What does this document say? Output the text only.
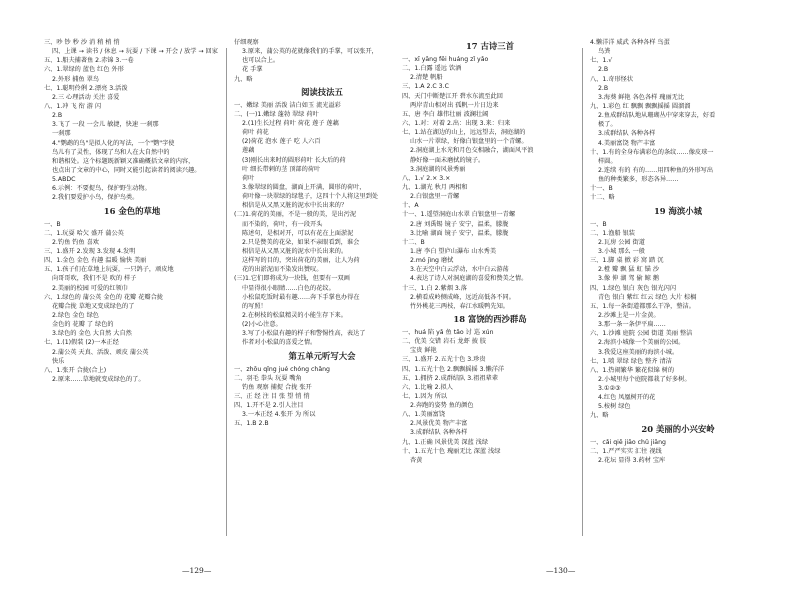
三、吵 钞 秒 沙 消 稍 梢 悄
四、上课 → 读书 / 休息 → 玩耍 / 下课 → 开会 / 放学 → 回家
五、1.船夫捕著鱼 2.赤锦 3.一卷
六、1.翠绿的 蓝色 红色 外形
2.外形 捕鱼 翠鸟
七、1.聪明伶俐 2.漂亮 3.活泼
2.三 心理活动 关注 喜爱
八、1.冲 飞 衔 游 闪
2.B
3.飞了 一段 一会儿 敏捷，快速 一刹那
一刹那
4."鹦鹉的鸟"是拟人化的写法，一个"鹦"字使
鸟儿有了灵性，体现了鸟和人在大自然中的
和谐相处。这个标题既新颖又准确概括文章的内容，
也点出了文章的中心，同时又能引起读者的阅读兴趣。
5.ABDC
6.示例：不要捉鸟，保护野生动物。
2.我们要爱护小鸟，保护鸟类。
16 金色的草地
一、B
二、1.玩耍 哈欠 盛开 蒲公英
2.钓鱼 钓鱼 喜欢
三、1.盛开 2.发现 3.发现 4.发明
四、1.金色 金色 有趣 温暖 愉快 美丽
五、1.孩子们在草地上玩耍，一只鸽子，顽皮地
向哥哥吹，我们不是 吹的 样子
2.美丽的校园 可爱的红领巾
六、1.绿色的 蒲公英 金色的 花瓣 花瓣合拢
花瓣合拢 草地又变成绿色的了
2.绿色 金色 绿色
金色的 花瓣 了 绿色的
3.绿色的 金色 大自然 大自然
七、1.(1)假装 (2)一本正经
2.蒲公英 天真、活泼、顽皮 蒲公英
快乐
八、1.张开 合拢(合上)
2.原来……草地就变成绿色的了。
仔细观察
3.原来，蒲公英的花就像我们的手掌，可以张开，
也可以合上。
花 手掌
九、略
阅读技法五
一、嫩绿 美丽 活泼 洁白如玉 流光溢彩
二、(一)1.嫩绿 蓬勃 翠绿 荷叶
2.(1)生长过程 荷叶 荷花 莲子 莲藕
荷叶 荷花
(2)荷花 泡水 莲子 吃 人六百
莲藕
(3)刚长出来时的圆形荷叶 长大后的荷
叶 细长带刺的茎 顶部的荷叶
荷叶
3.像翠绿的圆盘，湖面上开满，圆形的荷叶，
荷叶像一块翠绿的绿毯子，这四十个人将这里到处
相信是从又黑又脏的泥水中长出来的？
(二)1.荷花的美丽，不是一般的美，是出污泥
而不染的，荷叶，有一段开头
陈述句，是相对开，可以有花在上面淤泥
2.只是赞美的花朵，如果不亲眼看到，谁会
相信是从又黑又脏的泥水中长出来的。
这样写的目的，突出荷花的美丽，让人为荷
花的出淤泥而不染发出赞叹。
(三)1.它们即将成为一块钱，但要有一双画
中显得很小眼睛……白色的花纹。
小松鼠吃饭时最有趣……奔下手掌也办得在
的写照！
2.在树枝的松鼠精灵的小能生存下来。
(2)小心注意。
3.写了小松鼠有趣的样子和警惕性高，表达了
作者对小松鼠的喜爱之情。
第五单元听写大会
一、zhōu qǐng jué chóng chǎng
二、羽毛 拳头 玩耍 嘴角
钓鱼 观察 捕捉 合拢 张开
三、正 经 注 目 张 望 悄 悄
四、1.开不是 2.引人注目
3.一本正经 4.张开 为 所以
五、1.B 2.B
—129—
17 古诗三首
一、xī yāng fēi huáng zǐ yǎo
二、1.白露 遥远 饮酒
2.清楚 帆船
三、1.A 2.C 3.C
四、天门中断楚江开 碧水东流至此回
两岸青山相对出 孤帆一片日边来
五、唐 李白 雄伟壮丽 波澜壮阔
六、1.对：对着 2.出：出现 3.来：归来
七、1.站在湖边的山上，远远望去，洞庭湖的
山水一片翠绿，好像白银盘里的一个青螺。
2.洞庭湖上水光和月色交相融合，湖面风平浪
静好像一面未磨拭的镜子。
3.洞庭湖的风景秀丽
八、1.√ 2.× 3.×
九、1.湖光 秋月 两相和
2.白银盘里一青螺
十、A
十一、1.遥望洞庭山水翠 白银盘里一青螺
2.唐 刘禹锡 镜子 安宁，温柔，朦胧
3.比喻 湖面 镜子 安宁，温柔，朦胧
十二、B
1.唐 李白 望庐山瀑布 山水秀美
2.mó jìng 磨拭
3.在天空中白云浮动，水中白云游荡
4.表达了诗人对洞庭湖的喜爱和赞美之情。
十三、1.白 2.紫烟 3.落
2.横看成岭侧成峰，远近高低各不同。
竹外桃花三两枝，春江水暖鸭先知。
18 富饶的西沙群岛
一、huá 陷 yǎ 鱼 tǎo 讨 巡 xún
二、优美 交错 岩石 龙虾 披 肢
宝贵 鲜艳
三、1.盛开 2.五光十色 3.珍贵
四、1.五光十色 2.飘飘摇摇 3.懒洋洋
五、1.拥挤 2.成群结队 3.祖祖辈辈
六、1.比喻 2.拟人
七、1.因为 所以
2.奔跑的姿势 鱼的颜色
八、1.美丽富饶
2.风景优美 物产丰富
3.成群结队 各种各样
九、1.正确 风景优美 深蓝 浅绿
十、1.五光十色 瑰丽无比 深蓝 浅绿
杏黄
4.懒洋洋 威武 各种各样 鸟蛋
鸟粪
七、1.√
2.B
八、1.奇形怪状
2.B
3.海葵 鲜艳 各色各样 瑰丽无比
九、1.彩色 红 飘飘 飘飘摇摇 圆溜溜
2.鱼成群结队地从珊瑚丛中穿来穿去，好看
极了。
3.成群结队 各种各样
4.美丽富饶 物产丰富
十、1.有的全身布满彩色的条纹……像皮球一
样圆。
2.连续 有的 有的……用四种鱼的外形写出
鱼的种类繁多，形态各异……
十一、B
十二、略
19 海滨小城
一、B
二、1.渔船 银装
2.瓦房 公园 街道
3.小城 那么 一般
三、1.脚 桌 掀 彩 窝 踏 沉
2.橙 瓣 飘 猛 虹 锚 沙
3.像 伸 湖 驾 偷 鲸 鹅
四、1.绿色 银白 灰色 银光闪闪
青色 银白 紫红 红云 绿色 大片 棕榈
五、1.每一条街道都那么干净，整洁。
2.沙滩上是一片金黄。
3.那一条一条伊平扁……
六、1.沙滩 庭院 公园 街道 美丽 整洁
2.海滨小城像一个美丽的公园。
3.我爱这座美丽的海滨小城。
七、1.喷 翠绿 绿色 整齐 清洁
八、1.热闹繁华 繁花似锦 树的
2.小城里每个庭院都栽了好多树。
3.①②③
4.红色 凤凰树开的花
5.桉树 绿色
九、略
20 美丽的小兴安岭
一、cǎi qiē jiāo chǔ jiāng
二、1.严严实实 汇往 视线
2.花坛 显得 3.药材 宝库
—130—
